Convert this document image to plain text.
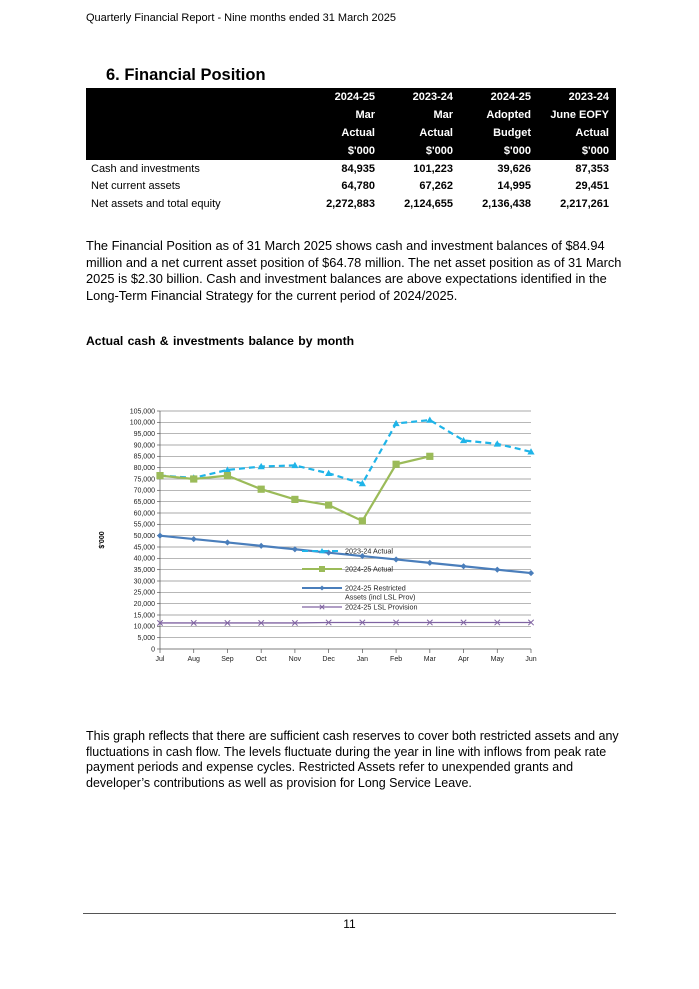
Quarterly Financial Report - Nine months ended 31 March 2025
6. Financial Position
	2024-25	2023-24	2024-25	2023-24
	Mar	Mar	Adopted	June EOFY
	Actual	Actual	Budget	Actual
	$'000	$'000	$'000	$'000
Cash and investments	84,935	101,223	39,626	87,353
Net current assets	64,780	67,262	14,995	29,451
Net assets and total equity	2,272,883	2,124,655	2,136,438	2,217,261
The Financial Position as of 31 March 2025 shows cash and investment balances of $84.94 million and a net current asset position of $64.78 million. The net asset position as of 31 March 2025 is $2.30 billion. Cash and investment balances are above expectations identified in the Long-Term Financial Strategy for the current period of 2024/2025.
Actual cash & investments balance by month
0
5,000
10,000
15,000
20,000
25,000
30,000
35,000
40,000
45,000
50,000
55,000
60,000
65,000
70,000
75,000
80,000
85,000
90,000
95,000
100,000
105,000
Jul	Aug	Sep	Oct	Nov	Dec	Jan	Feb	Mar	Apr	May	Jun
$'000
2023-24 Actual
2024-25 Actual
2024-25 Restricted Assets (incl LSL Prov)
2024-25 LSL Provision
This graph reflects that there are sufficient cash reserves to cover both restricted assets and any fluctuations in cash flow. The levels fluctuate during the year in line with inflows from peak rate payment periods and expense cycles. Restricted Assets refer to unexpended grants and developer’s contributions as well as provision for Long Service Leave.
11
